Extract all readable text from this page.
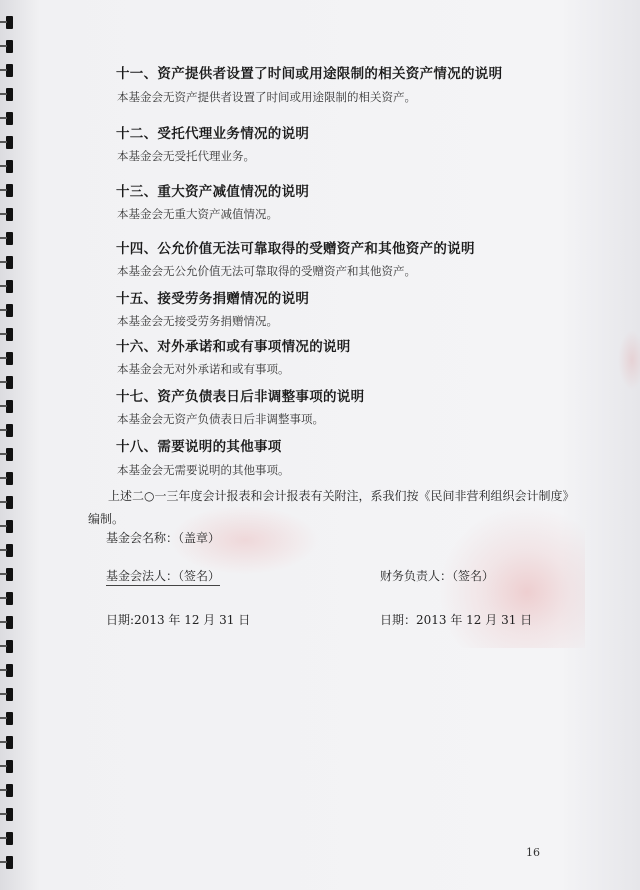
十一、资产提供者设置了时间或用途限制的相关资产情况的说明
本基金会无资产提供者设置了时间或用途限制的相关资产。
十二、受托代理业务情况的说明
本基金会无受托代理业务。
十三、重大资产减值情况的说明
本基金会无重大资产减值情况。
十四、公允价值无法可靠取得的受赠资产和其他资产的说明
本基金会无公允价值无法可靠取得的受赠资产和其他资产。
十五、接受劳务捐赠情况的说明
本基金会无接受劳务捐赠情况。
十六、对外承诺和或有事项情况的说明
本基金会无对外承诺和或有事项。
十七、资产负债表日后非调整事项的说明
本基金会无资产负债表日后非调整事项。
十八、需要说明的其他事项
本基金会无需要说明的其他事项。
上述二○一三年度会计报表和会计报表有关附注，系我们按《民间非营利组织会计制度》
编制。
基金会名称：（盖章）
基金会法人：（签名）	财务负责人：（签名）
日期:2013 年 12 月 31 日	日期：2013 年 12 月 31 日
16
